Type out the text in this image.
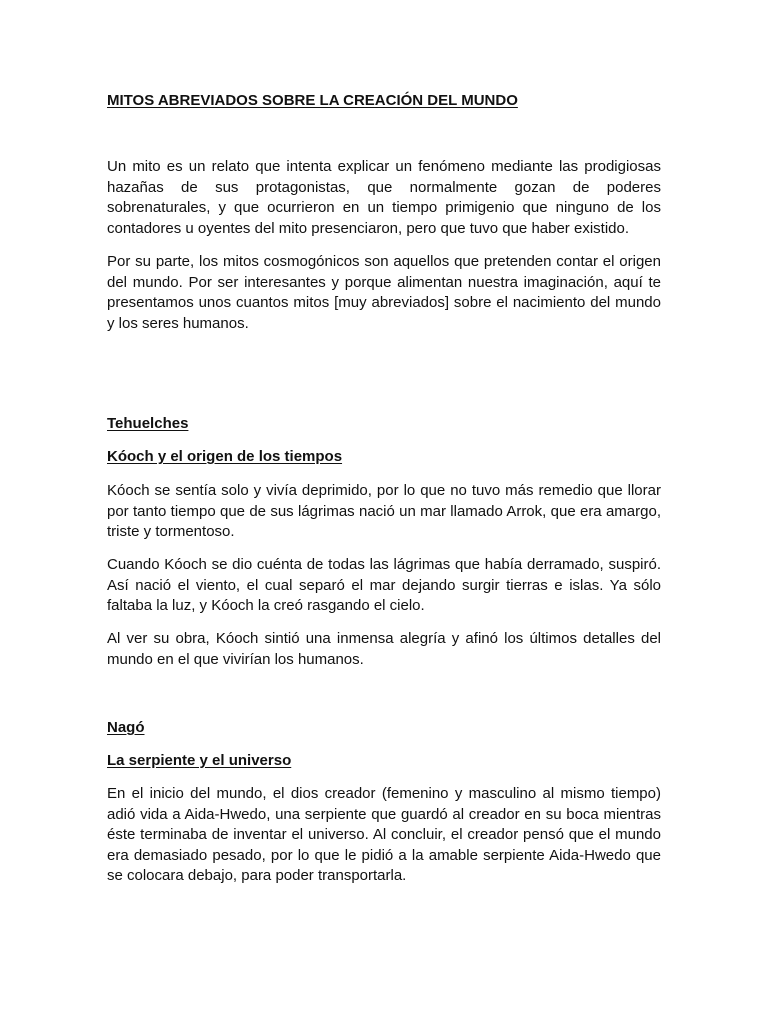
MITOS ABREVIADOS SOBRE LA CREACIÓN DEL MUNDO

Un mito es un relato que intenta explicar un fenómeno mediante las prodigiosas hazañas de sus protagonistas, que normalmente gozan de poderes sobrenaturales, y que ocurrieron en un tiempo primigenio que ninguno de los contadores u oyentes del mito presenciaron, pero que tuvo que haber existido.

Por su parte, los mitos cosmogónicos son aquellos que pretenden contar el origen del mundo. Por ser interesantes y porque alimentan nuestra imaginación, aquí te presentamos unos cuantos mitos [muy abreviados] sobre el nacimiento del mundo y los seres humanos.

Tehuelches

Kóoch y el origen de los tiempos

Kóoch se sentía solo y vivía deprimido, por lo que no tuvo más remedio que llorar por tanto tiempo que de sus lágrimas nació un mar llamado Arrok, que era amargo, triste y tormentoso.

Cuando Kóoch se dio cuénta de todas las lágrimas que había derramado, suspiró. Así nació el viento, el cual separó el mar dejando surgir tierras e islas. Ya sólo faltaba la luz, y Kóoch la creó rasgando el cielo.

Al ver su obra, Kóoch sintió una inmensa alegría y afinó los últimos detalles del mundo en el que vivirían los humanos.

Nagó

La serpiente y el universo

En el inicio del mundo, el dios creador (femenino y masculino al mismo tiempo) adió vida a Aida-Hwedo, una serpiente que guardó al creador en su boca mientras éste terminaba de inventar el universo. Al concluir, el creador pensó que el mundo era demasiado pesado, por lo que le pidió a la amable serpiente Aida-Hwedo que se colocara debajo, para poder transportarla.
